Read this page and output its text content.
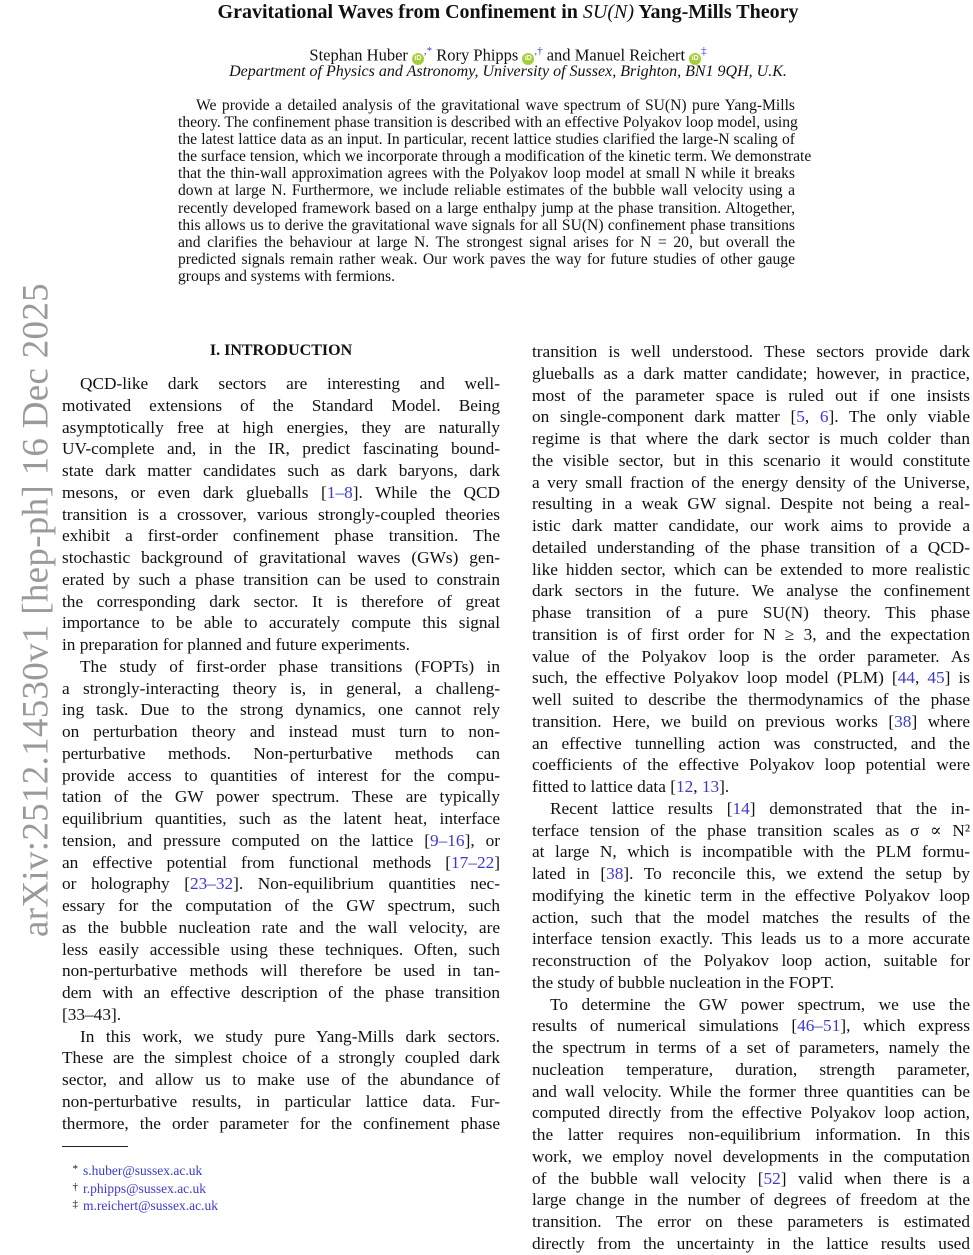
arXiv:2512.14530v1 [hep-ph] 16 Dec 2025
Gravitational Waves from Confinement in SU(N) Yang-Mills Theory
Stephan Huber iD,* Rory Phipps iD,† and Manuel Reichert iD‡
Department of Physics and Astronomy, University of Sussex, Brighton, BN1 9QH, U.K.
We provide a detailed analysis of the gravitational wave spectrum of SU(N) pure Yang-Mills
theory. The confinement phase transition is described with an effective Polyakov loop model, using
the latest lattice data as an input. In particular, recent lattice studies clarified the large-N scaling of
the surface tension, which we incorporate through a modification of the kinetic term. We demonstrate
that the thin-wall approximation agrees with the Polyakov loop model at small N while it breaks
down at large N. Furthermore, we include reliable estimates of the bubble wall velocity using a
recently developed framework based on a large enthalpy jump at the phase transition. Altogether,
this allows us to derive the gravitational wave signals for all SU(N) confinement phase transitions
and clarifies the behaviour at large N. The strongest signal arises for N = 20, but overall the
predicted signals remain rather weak. Our work paves the way for future studies of other gauge
groups and systems with fermions.
I. INTRODUCTION
QCD-like dark sectors are interesting and well-
motivated extensions of the Standard Model. Being
asymptotically free at high energies, they are naturally
UV-complete and, in the IR, predict fascinating bound-
state dark matter candidates such as dark baryons, dark
mesons, or even dark glueballs [1–8]. While the QCD
transition is a crossover, various strongly-coupled theories
exhibit a first-order confinement phase transition. The
stochastic background of gravitational waves (GWs) gen-
erated by such a phase transition can be used to constrain
the corresponding dark sector. It is therefore of great
importance to be able to accurately compute this signal
in preparation for planned and future experiments.
The study of first-order phase transitions (FOPTs) in
a strongly-interacting theory is, in general, a challeng-
ing task. Due to the strong dynamics, one cannot rely
on perturbation theory and instead must turn to non-
perturbative methods. Non-perturbative methods can
provide access to quantities of interest for the compu-
tation of the GW power spectrum. These are typically
equilibrium quantities, such as the latent heat, interface
tension, and pressure computed on the lattice [9–16], or
an effective potential from functional methods [17–22]
or holography [23–32]. Non-equilibrium quantities nec-
essary for the computation of the GW spectrum, such
as the bubble nucleation rate and the wall velocity, are
less easily accessible using these techniques. Often, such
non-perturbative methods will therefore be used in tan-
dem with an effective description of the phase transition
[33–43].
In this work, we study pure Yang-Mills dark sectors.
These are the simplest choice of a strongly coupled dark
sector, and allow us to make use of the abundance of
non-perturbative results, in particular lattice data. Fur-
thermore, the order parameter for the confinement phase
transition is well understood. These sectors provide dark
glueballs as a dark matter candidate; however, in practice,
most of the parameter space is ruled out if one insists
on single-component dark matter [5, 6]. The only viable
regime is that where the dark sector is much colder than
the visible sector, but in this scenario it would constitute
a very small fraction of the energy density of the Universe,
resulting in a weak GW signal. Despite not being a real-
istic dark matter candidate, our work aims to provide a
detailed understanding of the phase transition of a QCD-
like hidden sector, which can be extended to more realistic
dark sectors in the future. We analyse the confinement
phase transition of a pure SU(N) theory. This phase
transition is of first order for N ≥ 3, and the expectation
value of the Polyakov loop is the order parameter. As
such, the effective Polyakov loop model (PLM) [44, 45] is
well suited to describe the thermodynamics of the phase
transition. Here, we build on previous works [38] where
an effective tunnelling action was constructed, and the
coefficients of the effective Polyakov loop potential were
fitted to lattice data [12, 13].
Recent lattice results [14] demonstrated that the in-
terface tension of the phase transition scales as σ ∝ N²
at large N, which is incompatible with the PLM formu-
lated in [38]. To reconcile this, we extend the setup by
modifying the kinetic term in the effective Polyakov loop
action, such that the model matches the results of the
interface tension exactly. This leads us to a more accurate
reconstruction of the Polyakov loop action, suitable for
the study of bubble nucleation in the FOPT.
To determine the GW power spectrum, we use the
results of numerical simulations [46–51], which express
the spectrum in terms of a set of parameters, namely the
nucleation temperature, duration, strength parameter,
and wall velocity. While the former three quantities can be
computed directly from the effective Polyakov loop action,
the latter requires non-equilibrium information. In this
work, we employ novel developments in the computation
of the bubble wall velocity [52] valid when there is a
large change in the number of degrees of freedom at the
transition. The error on these parameters is estimated
directly from the uncertainty in the lattice results used
* s.huber@sussex.ac.uk
† r.phipps@sussex.ac.uk
‡ m.reichert@sussex.ac.uk
